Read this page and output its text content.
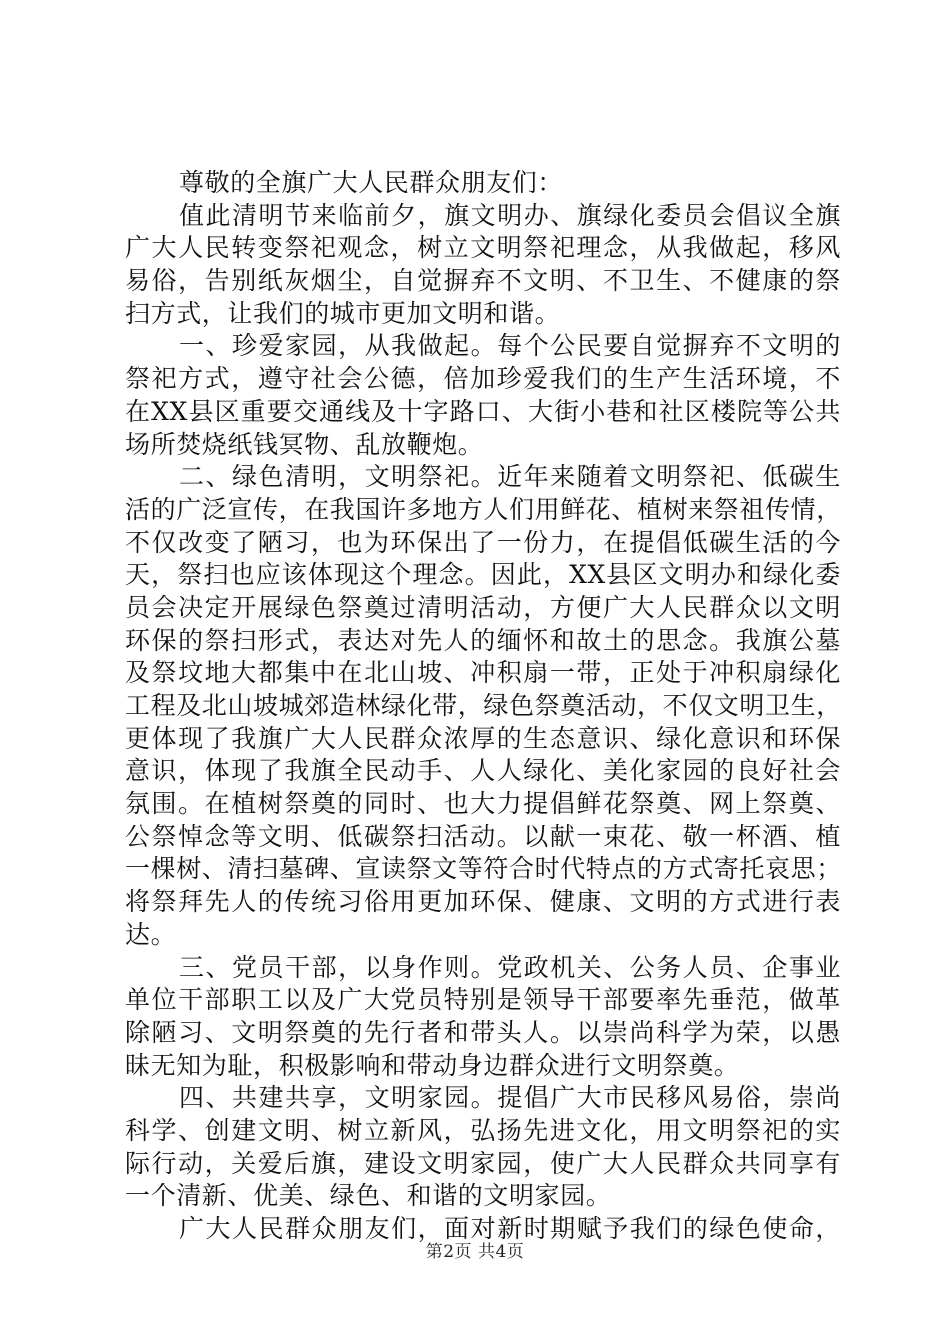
尊敬的全旗广大人民群众朋友们：
值此清明节来临前夕，旗文明办、旗绿化委员会倡议全旗
广大人民转变祭祀观念，树立文明祭祀理念，从我做起，移风
易俗，告别纸灰烟尘，自觉摒弃不文明、不卫生、不健康的祭
扫方式，让我们的城市更加文明和谐。
一、珍爱家园，从我做起。每个公民要自觉摒弃不文明的
祭祀方式，遵守社会公德，倍加珍爱我们的生产生活环境，不
在XX县区重要交通线及十字路口、大街小巷和社区楼院等公共
场所焚烧纸钱冥物、乱放鞭炮。
二、绿色清明，文明祭祀。近年来随着文明祭祀、低碳生
活的广泛宣传，在我国许多地方人们用鲜花、植树来祭祖传情，
不仅改变了陋习，也为环保出了一份力，在提倡低碳生活的今
天，祭扫也应该体现这个理念。因此，XX县区文明办和绿化委
员会决定开展绿色祭奠过清明活动，方便广大人民群众以文明
环保的祭扫形式，表达对先人的缅怀和故土的思念。我旗公墓
及祭坟地大都集中在北山坡、冲积扇一带，正处于冲积扇绿化
工程及北山坡城郊造林绿化带，绿色祭奠活动，不仅文明卫生，
更体现了我旗广大人民群众浓厚的生态意识、绿化意识和环保
意识，体现了我旗全民动手、人人绿化、美化家园的良好社会
氛围。在植树祭奠的同时、也大力提倡鲜花祭奠、网上祭奠、
公祭悼念等文明、低碳祭扫活动。以献一束花、敬一杯酒、植
一棵树、清扫墓碑、宣读祭文等符合时代特点的方式寄托哀思；
将祭拜先人的传统习俗用更加环保、健康、文明的方式进行表
达。
三、党员干部，以身作则。党政机关、公务人员、企事业
单位干部职工以及广大党员特别是领导干部要率先垂范，做革
除陋习、文明祭奠的先行者和带头人。以崇尚科学为荣，以愚
昧无知为耻，积极影响和带动身边群众进行文明祭奠。
四、共建共享，文明家园。提倡广大市民移风易俗，崇尚
科学、创建文明、树立新风，弘扬先进文化，用文明祭祀的实
际行动，关爱后旗，建设文明家园，使广大人民群众共同享有
一个清新、优美、绿色、和谐的文明家园。
广大人民群众朋友们，面对新时期赋予我们的绿色使命，
第2页 共4页
